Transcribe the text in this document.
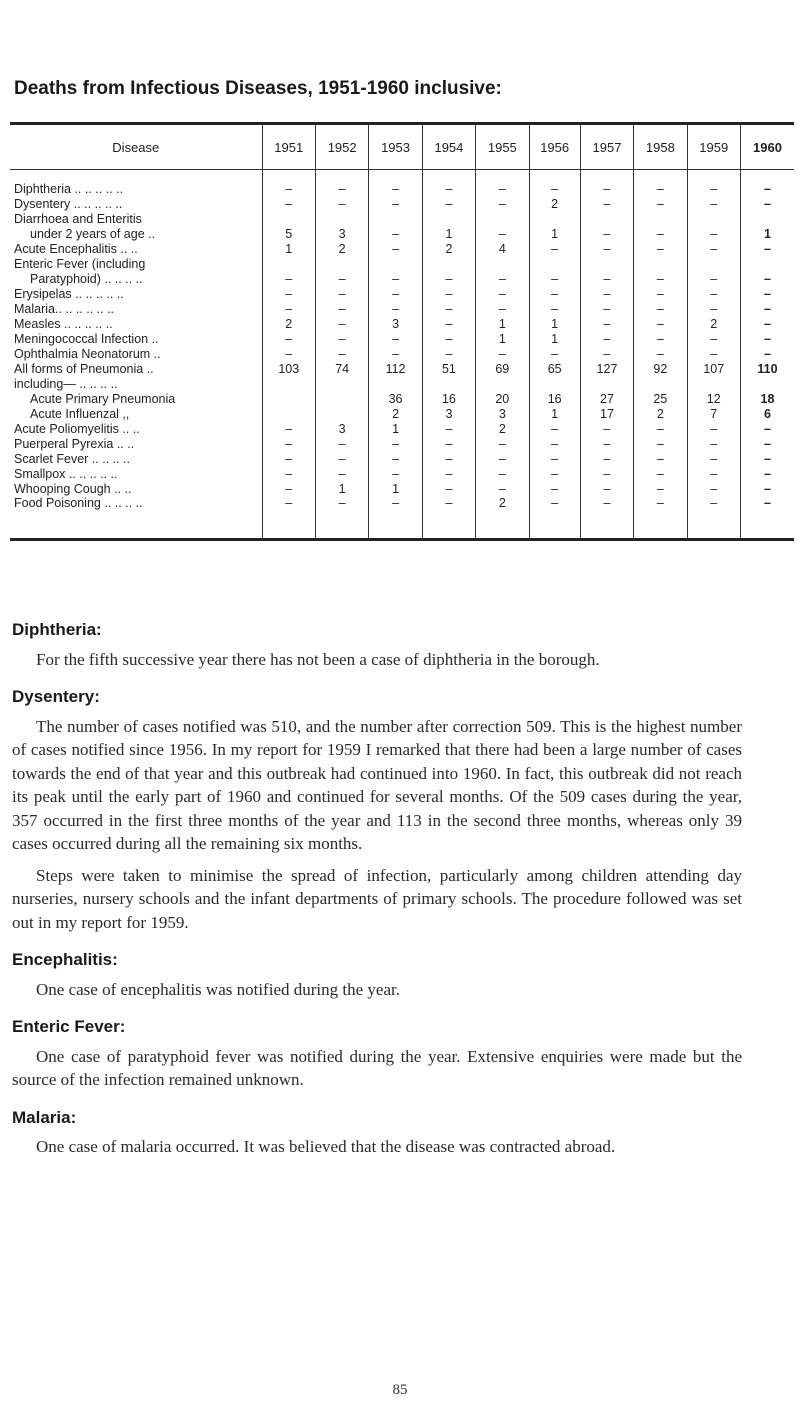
Deaths from Infectious Diseases, 1951-1960 inclusive:
Disease	1951	1952	1953	1954	1955	1956	1957	1958	1959	1960
Diphtheria .. .. .. .. ..	–	–	–	–	–	–	–	–	–	–
Dysentery .. .. .. .. ..	–	–	–	–	–	2	–	–	–	–
Diarrhoea and Enteritis										
under 2 years of age ..	5	3	–	1	–	1	–	–	–	1
Acute Encephalitis .. ..	1	2	–	2	4	–	–	–	–	–
Enteric Fever (including										
Paratyphoid) .. .. .. ..	–	–	–	–	–	–	–	–	–	–
Erysipelas .. .. .. .. ..	–	–	–	–	–	–	–	–	–	–
Malaria.. .. .. .. .. ..	–	–	–	–	–	–	–	–	–	–
Measles .. .. .. .. ..	2	–	3	–	1	1	–	–	2	–
Meningococcal Infection ..	–	–	–	–	1	1	–	–	–	–
Ophthalmia Neonatorum ..	–	–	–	–	–	–	–	–	–	–
All forms of Pneumonia ..	103	74	112	51	69	65	127	92	107	110
including— .. .. .. ..										
Acute Primary Pneumonia			36	16	20	16	27	25	12	18
Acute Influenzal ,,			2	3	3	1	17	2	7	6
Acute Poliomyelitis .. ..	–	3	1	–	2	–	–	–	–	–
Puerperal Pyrexia .. ..	–	–	–	–	–	–	–	–	–	–
Scarlet Fever .. .. .. ..	–	–	–	–	–	–	–	–	–	–
Smallpox .. .. .. .. ..	–	–	–	–	–	–	–	–	–	–
Whooping Cough .. ..	–	1	1	–	–	–	–	–	–	–
Food Poisoning .. .. .. ..	–	–	–	–	2	–	–	–	–	–
Diphtheria:

For the fifth successive year there has not been a case of diphtheria in the borough.

Dysentery:

The number of cases notified was 510, and the number after correction 509. This is the highest number of cases notified since 1956. In my report for 1959 I remarked that there had been a large number of cases towards the end of that year and this outbreak had continued into 1960. In fact, this outbreak did not reach its peak until the early part of 1960 and continued for several months. Of the 509 cases during the year, 357 occurred in the first three months of the year and 113 in the second three months, whereas only 39 cases occurred during all the remaining six months.

Steps were taken to minimise the spread of infection, particularly among children attending day nurseries, nursery schools and the infant departments of primary schools. The procedure followed was set out in my report for 1959.

Encephalitis:

One case of encephalitis was notified during the year.

Enteric Fever:

One case of paratyphoid fever was notified during the year. Extensive enquiries were made but the source of the infection remained unknown.

Malaria:

One case of malaria occurred. It was believed that the disease was contracted abroad.

85
